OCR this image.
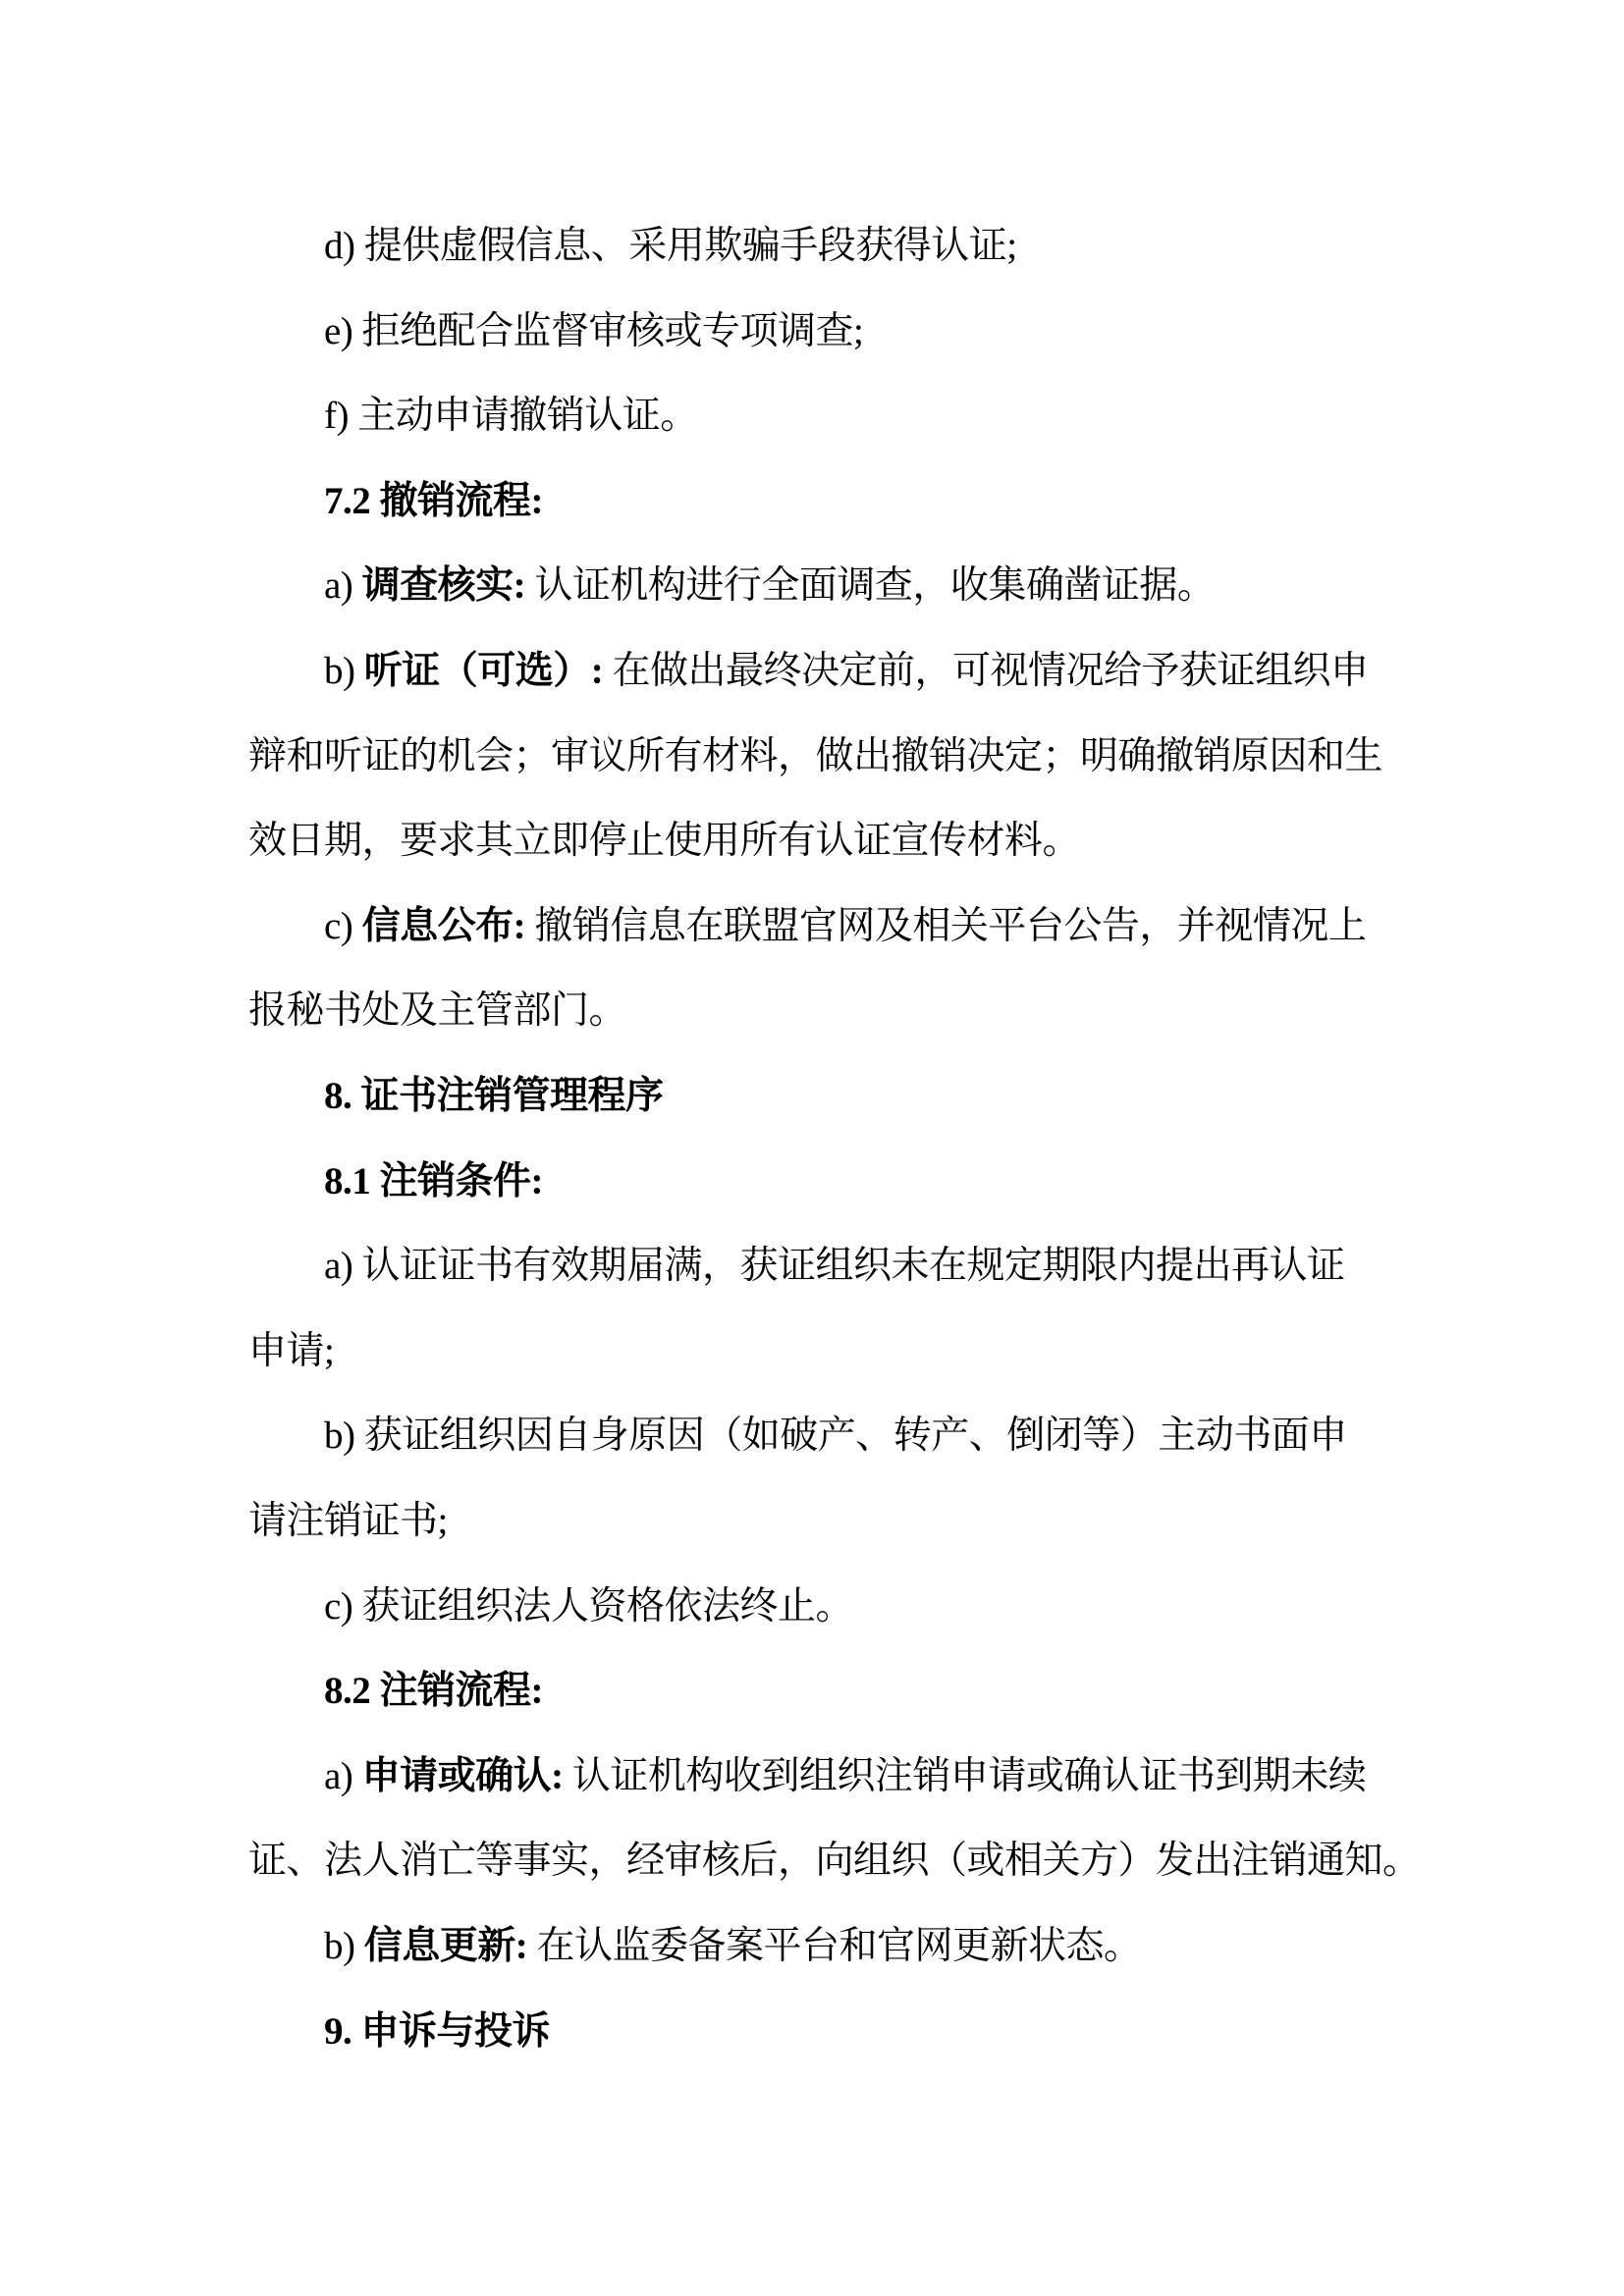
d) 提供虚假信息、采用欺骗手段获得认证;
e) 拒绝配合监督审核或专项调查;
f) 主动申请撤销认证。
7.2 撤销流程:
a) 调查核实: 认证机构进行全面调查，收集确凿证据。
b) 听证（可选）: 在做出最终决定前，可视情况给予获证组织申
辩和听证的机会；审议所有材料，做出撤销决定；明确撤销原因和生
效日期，要求其立即停止使用所有认证宣传材料。
c) 信息公布: 撤销信息在联盟官网及相关平台公告，并视情况上
报秘书处及主管部门。
8. 证书注销管理程序
8.1 注销条件:
a) 认证证书有效期届满，获证组织未在规定期限内提出再认证
申请;
b) 获证组织因自身原因（如破产、转产、倒闭等）主动书面申
请注销证书;
c) 获证组织法人资格依法终止。
8.2 注销流程:
a) 申请或确认: 认证机构收到组织注销申请或确认证书到期未续
证、法人消亡等事实，经审核后，向组织（或相关方）发出注销通知。
b) 信息更新: 在认监委备案平台和官网更新状态。
9. 申诉与投诉
